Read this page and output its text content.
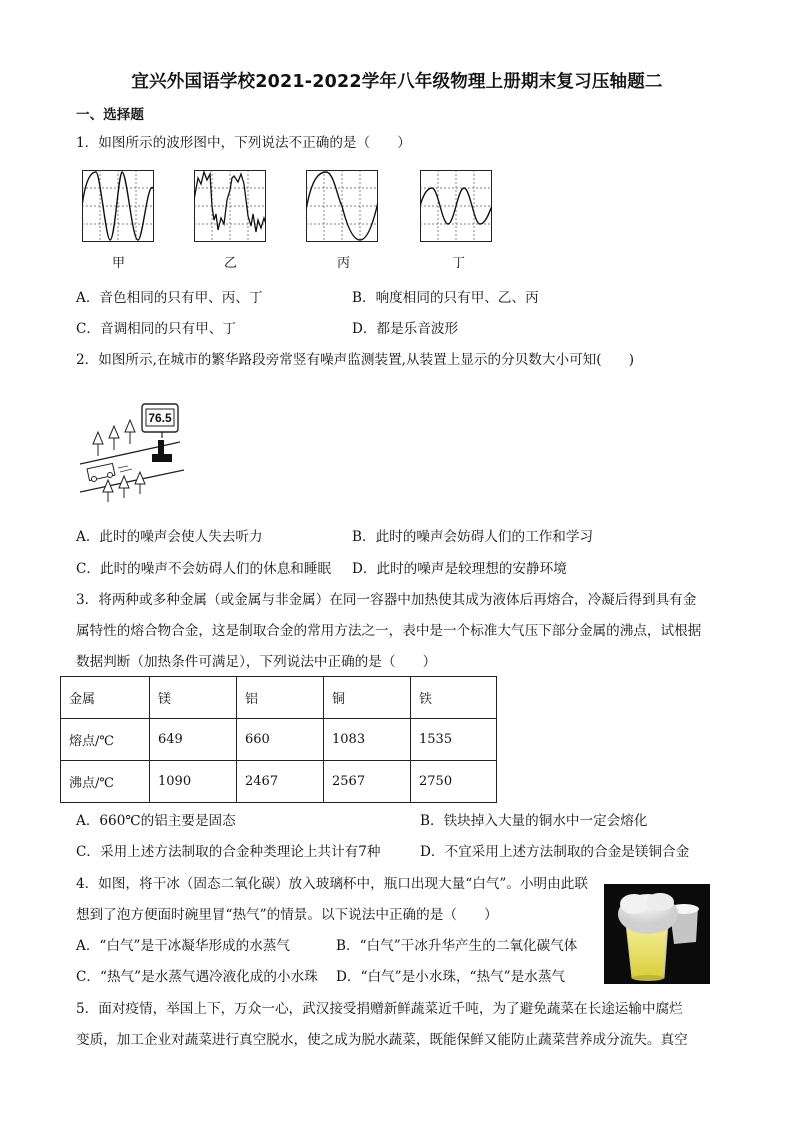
宜兴外国语学校2021-2022学年八年级物理上册期末复习压轴题二
一、选择题
1．如图所示的波形图中，下列说法不正确的是（　　）
甲	乙	丙	丁
A．音色相同的只有甲、丙、丁	B．响度相同的只有甲、乙、丙
C．音调相同的只有甲、丁	D．都是乐音波形
2．如图所示,在城市的繁华路段旁常竖有噪声监测装置,从装置上显示的分贝数大小可知(　　)
76.5
A．此时的噪声会使人失去听力	B．此时的噪声会妨碍人们的工作和学习
C．此时的噪声不会妨碍人们的休息和睡眠 D．此时的噪声是较理想的安静环境
3．将两种或多种金属（或金属与非金属）在同一容器中加热使其成为液体后再熔合，冷凝后得到具有金
属特性的熔合物合金，这是制取合金的常用方法之一，表中是一个标准大气压下部分金属的沸点，试根据
数据判断（加热条件可满足），下列说法中正确的是（　　）
金属	镁	铝	铜	铁
熔点/℃	649	660	1083	1535
沸点/℃	1090	2467	2567	2750
A．660℃的铝主要是固态	B．铁块掉入大量的铜水中一定会熔化
C．采用上述方法制取的合金种类理论上共计有7种	D．不宜采用上述方法制取的合金是镁铜合金
4．如图，将干冰（固态二氧化碳）放入玻璃杯中，瓶口出现大量“白气”。小明由此联
想到了泡方便面时碗里冒“热气”的情景。以下说法中正确的是（　　）
A．“白气”是干冰凝华形成的水蒸气	B．“白气”干冰升华产生的二氧化碳气体
C．“热气”是水蒸气遇冷液化成的小水珠 D．“白气”是小水珠，“热气”是水蒸气
5．面对疫情，举国上下，万众一心，武汉接受捐赠新鲜蔬菜近千吨，为了避免蔬菜在长途运输中腐烂
变质，加工企业对蔬菜进行真空脱水，使之成为脱水蔬菜，既能保鲜又能防止蔬菜营养成分流失。真空
